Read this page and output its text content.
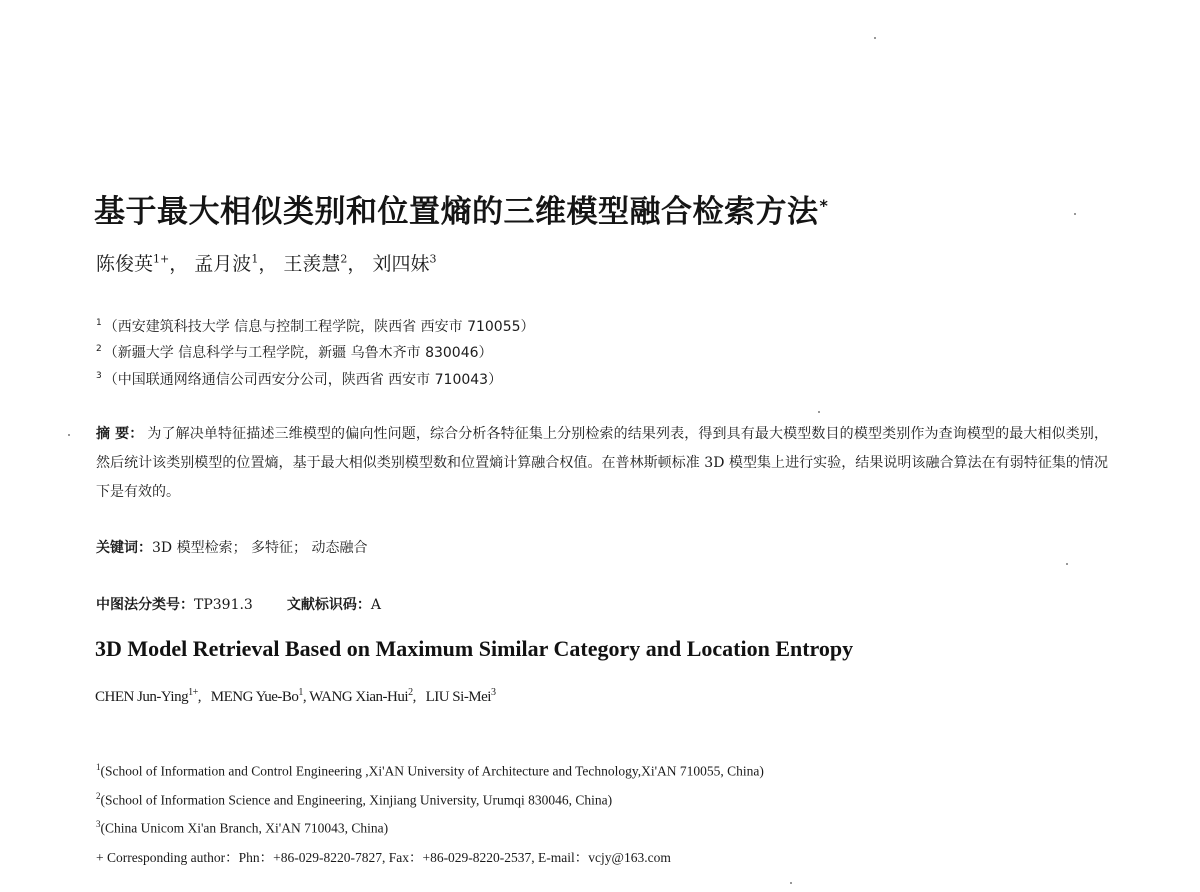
基于最大相似类别和位置熵的三维模型融合检索方法*
陈俊英$^{1+}$， 孟月波$^1$， 王羡慧$^2$， 刘四妹$^3$
$^1$ （西安建筑科技大学 信息与控制工程学院，陕西省 西安市 710055）
$^2$ （新疆大学 信息科学与工程学院，新疆 乌鲁木齐市 830046）
$^3$ （中国联通网络通信公司西安分公司，陕西省 西安市 710043）
摘 要： 为了解决单特征描述三维模型的偏向性问题，综合分析各特征集上分别检索的结果列表，得到具有最大模型数目的模型类别作为查询模型的最大相似类别，然后统计该类别模型的位置熵，基于最大相似类别模型数和位置熵计算融合权值。在普林斯顿标准 3D 模型集上进行实验，结果说明该融合算法在有弱特征集的情况下是有效的。
关键词：3D 模型检索； 多特征； 动态融合
中图法分类号：TP391.3 文献标识码：A
3D Model Retrieval Based on Maximum Similar Category and Location Entropy
CHEN Jun-Ying$^{1+}$,   MENG Yue-Bo$^1$, WANG Xian-Hui$^2$,   LIU Si-Mei$^3$
$^1$(School of Information and Control Engineering ,Xi'AN University of Architecture and Technology,Xi'AN 710055, China)
$^2$(School of Information Science and Engineering, Xinjiang University, Urumqi 830046, China)
$^3$(China Unicom Xi'an Branch, Xi'AN 710043, China)
+ Corresponding author：Phn：+86-029-8220-7827, Fax：+86-029-8220-2537, E-mail：vcjy@163.com
